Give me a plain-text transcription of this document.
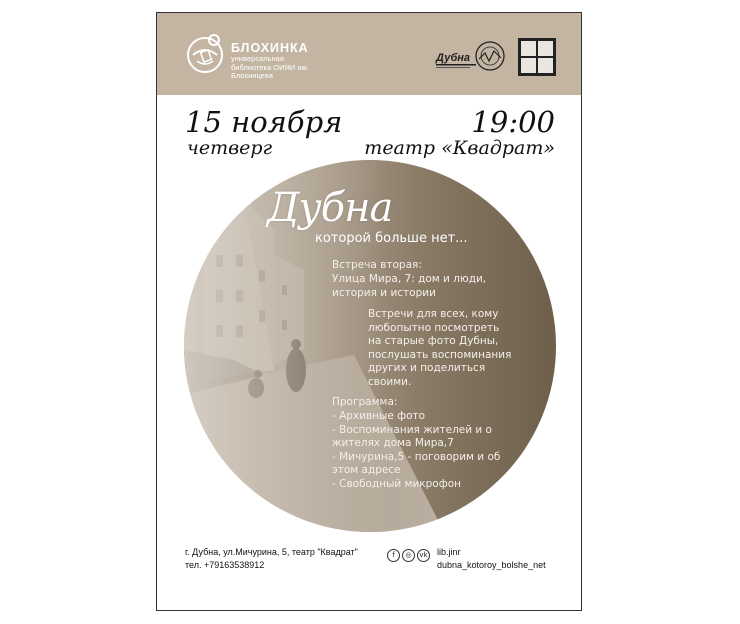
БЛОХИНКА
универсальная библиотека ОИЯИ им. Блохинцева
Дубна
15 ноября
четверг
19:00
театр «Квадрат»
Дубна
которой больше нет...
Встреча вторая:
Улица Мира, 7: дом и люди, история и истории
Встречи для всех, кому любопытно посмотреть на старые фото Дубны, послушать воспоминания других и поделиться своими.
Программа:
- Архивные фото
- Воспоминания жителей и о жителях дома Мира,7
- Мичурина,5 - поговорим и об этом адресе
- Свободный микрофон
г. Дубна, ул.Мичурина, 5, театр "Квадрат"
тел. +79163538912
f	◎	vk lib.jinr
dubna_kotoroy_bolshe_net
